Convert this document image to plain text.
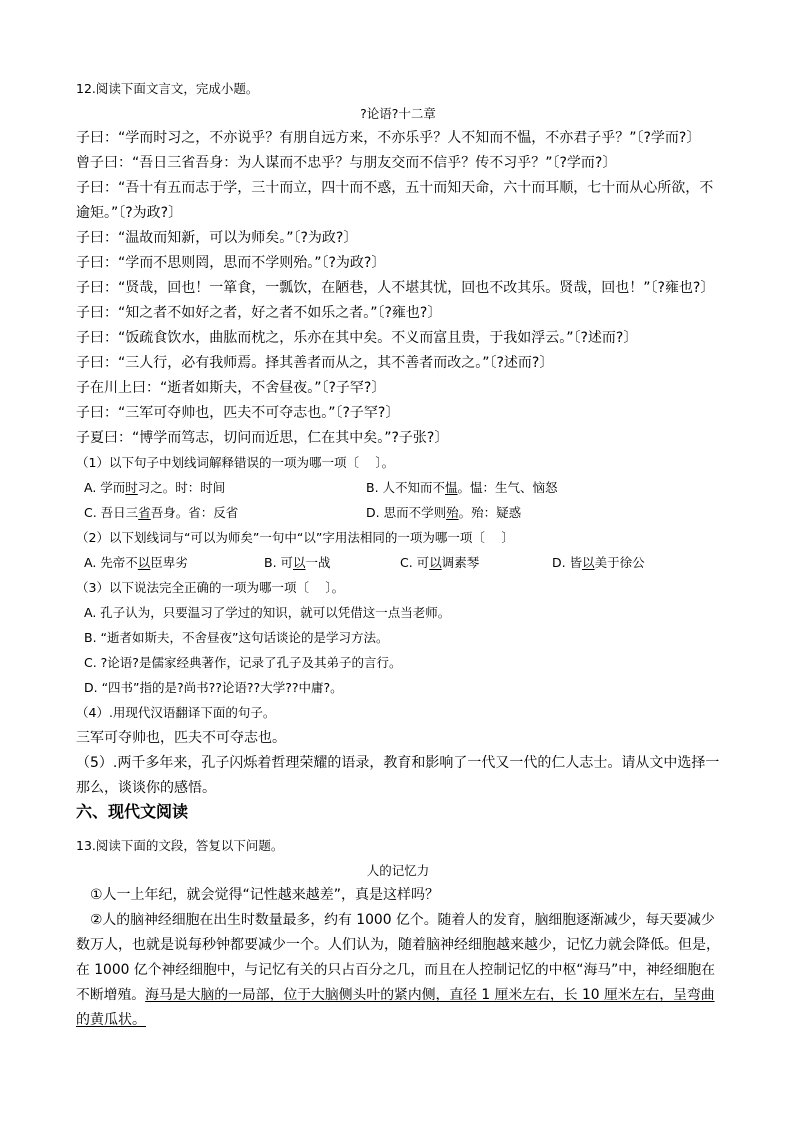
12.阅读下面文言文，完成小题。
?论语?十二章
子曰：“学而时习之，不亦说乎？有朋自远方来，不亦乐乎？人不知而不愠，不亦君子乎？”〔?学而?〕
曾子曰：“吾日三省吾身：为人谋而不忠乎？与朋友交而不信乎？传不习乎？”〔?学而?〕
子曰：“吾十有五而志于学，三十而立，四十而不惑，五十而知天命，六十而耳顺，七十而从心所欲，不
逾矩。”〔?为政?〕
子曰：“温故而知新，可以为师矣。”〔?为政?〕
子曰：“学而不思则罔，思而不学则殆。”〔?为政?〕
子曰：“贤哉，回也！一箪食，一瓢饮，在陋巷，人不堪其忧，回也不改其乐。贤哉，回也！”〔?雍也?〕
子曰：“知之者不如好之者，好之者不如乐之者。”〔?雍也?〕
子曰：“饭疏食饮水，曲肱而枕之，乐亦在其中矣。不义而富且贵，于我如浮云。”〔?述而?〕
子曰：“三人行，必有我师焉。择其善者而从之，其不善者而改之。”〔?述而?〕
子在川上曰：“逝者如斯夫，不舍昼夜。”〔?子罕?〕
子曰：“三军可夺帅也，匹夫不可夺志也。”〔?子罕?〕
子夏曰：“博学而笃志，切问而近思，仁在其中矣。”?子张?〕
（1）以下句子中划线词解释错误的一项为哪一项〔　 〕。
A. 学而时习之。时：时间	B. 人不知而不愠。愠：生气、恼怒
C. 吾日三省吾身。省：反省	D. 思而不学则殆。殆：疑惑
（2）以下划线词与“可以为师矣”一句中“以”字用法相同的一项为哪一项〔　 〕
A. 先帝不以臣卑劣	B. 可以一战	C. 可以调素琴	D. 皆以美于徐公
（3）以下说法完全正确的一项为哪一项〔　 〕。
A. 孔子认为，只要温习了学过的知识，就可以凭借这一点当老师。
B. “逝者如斯夫，不舍昼夜”这句话谈论的是学习方法。
C. ?论语?是儒家经典著作，记录了孔子及其弟子的言行。
D. “四书”指的是?尚书??论语??大学??中庸?。
（4）.用现代汉语翻译下面的句子。
三军可夺帅也，匹夫不可夺志也。
（5）.两千多年来，孔子闪烁着哲理荣耀的语录，教育和影响了一代又一代的仁人志士。请从文中选择一
那么，谈谈你的感悟。
六、现代文阅读
13.阅读下面的文段，答复以下问题。
人的记忆力
①人一上年纪，就会觉得“记性越来越差”，真是这样吗？
②人的脑神经细胞在出生时数量最多，约有 1000 亿个。随着人的发育，脑细胞逐渐减少，每天要减少
数万人，也就是说每秒钟都要减少一个。人们认为，随着脑神经细胞越来越少，记忆力就会降低。但是，
在 1000 亿个神经细胞中，与记忆有关的只占百分之几，而且在人控制记忆的中枢“海马”中，神经细胞在
不断增殖。海马是大脑的一局部，位于大脑侧头叶的紧内侧，直径 1 厘米左右，长 10 厘米左右，呈弯曲
的黄瓜状。
